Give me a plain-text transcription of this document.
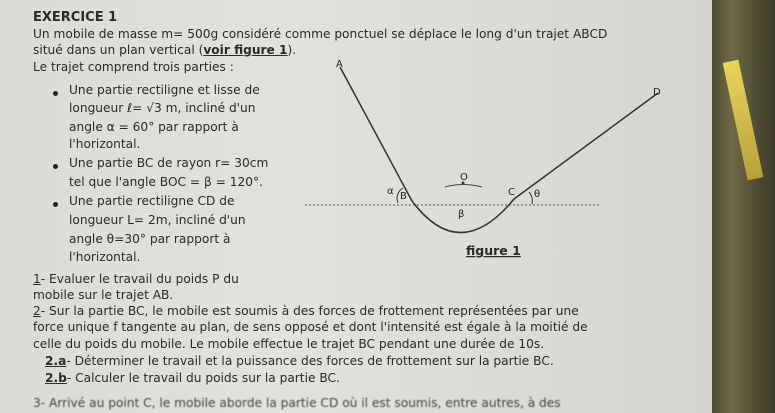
EXERCICE 1
Un mobile de masse m= 500g considéré comme ponctuel se déplace le long d'un trajet ABCD
situé dans un plan vertical (voir figure 1).
Le trajet comprend trois parties :
Une partie rectiligne et lisse de
longueur ℓ= √3 m, incliné d'un
angle α = 60° par rapport à
l'horizontal.
Une partie BC de rayon r= 30cm
tel que l'angle BOC = β = 120°.
Une partie rectiligne CD de
longueur L= 2m, incliné d'un
angle θ=30° par rapport à
l'horizontal.
1- Evaluer le travail du poids P du
mobile sur le trajet AB.
2- Sur la partie BC, le mobile est soumis à des forces de frottement représentées par une
force unique f tangente au plan, de sens opposé et dont l'intensité est égale à la moitié de
celle du poids du mobile. Le mobile effectue le trajet BC pendant une durée de 10s.
2.a- Déterminer le travail et la puissance des forces de frottement sur la partie BC.
2.b- Calculer le travail du poids sur la partie BC.
3- Arrivé au point C, le mobile aborde la partie CD où il est soumis, entre autres, à des
A
B	C
D
O
α
β
θ
figure 1
